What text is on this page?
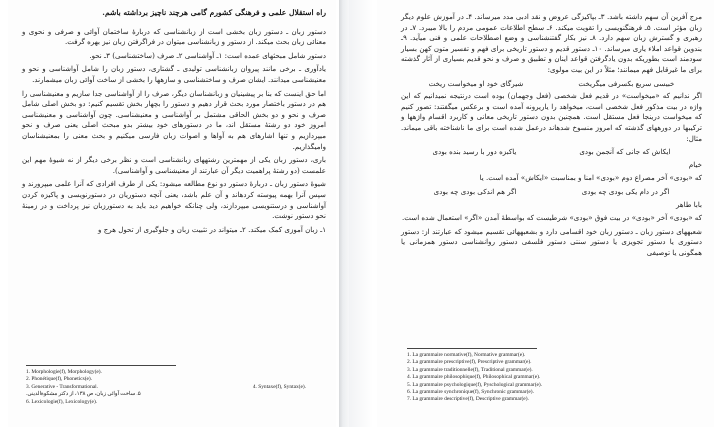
راه استقلال علمی و فرهنگی کشورم گامی هرچند ناچیز برداشته باشم.

دستور زبان ـ دستور زبان بخشی است از زبانشناسی که دربارهٔ ساختمان آوائی و صرفی و نحوی و معنائی زبان بحث میکند. از دستور و زبانشناسی میتوان در فراگرفتن زبان نیز بهره گرفت.

دستور شامل مبحثهای عمده است: ۱ـ آواشناسی ۲ـ صرف (ساختشناسی) ۳ـ نحو.

یادآوری ـ برخی مانند پیروان زبانشناسی تولیدی ـ گشتاری، دستور زبان را شامل آواشناسی و نحو و معنیشناسی میدانند. ایشان صرف و ساختشناسی و سازهها را بخشی از ساخت آوائی زبان میشمارند.

اما حق اینست که بنا بر پیشینیان و زبانشناسان دیگر، صرف را از آواشناسی جدا سازیم و معنیشناسی را هم در دستور باختصار مورد بحث قرار دهیم و دستور را بچهار بخش تقسیم کنیم: دو بخش اصلی شامل صرف و نحو و دو بخش الحاقی مشتمل بر آواشناسی و معنیشناسی. چون آواشناسی و معنیشناسی امروز خود دو رشتهٔ مستقل اند، ما در دستورهای خود بیشتر بدو مبحث اصلی یعنی صرف و نحو میپردازیم و تنها اشارهای هم به آواها و اصوات زبان فارسی میکنیم و بحث معنی را بمعنیشناسان وامیگذاریم.

باری، دستور زبان یکی از مهمترین رشتههای زبانشناسی است و نظر برخی دیگر از نه شیوهٔ مهم این علمست (دو رشتهٔ پراهمیت دیگر آن عبارتند از معنیشناسی و آواشناسی).

شیوهٔ دستور زبان ـ دربارهٔ دستور دو نوع مطالعه میشود: یکی از طرف افرادی که آنرا علمی میپرورند و سپس آنرا بهمه پیوسته کردهاند و آن علم باشد، یعنی آنچه دستوریان در دستورنویسی و پاکیزه کردن آواشناسی و درستنویسی میپردازند، ولی چنانکه خواهیم دید باید به دستورزبان نیز پرداخت و در زمینهٔ نحو دستور نوشت.

۱ـ زبان آموزی کمک میکند. ۲ـ میتواند در تثبیت زبان و جلوگیری از تحول هرج و

1. Morphologie(f), Morphology(e).
2. Phonétique(f), Phonetics(e).
3. Generative - Transformational.	4. Syntaxe(f), Syntax(e).
۵. ساخت آوائی زبان، ص ۱۳۸، از دکتر مشکوةالدینی.
6. Lexicologie(f), Lexicology(e).

مرج آفرین آن سهم داشته باشد. ۳ـ بپاکیزگی عروض و نقد ادبی مدد میرساند. ۴ـ در آموزش علوم دیگر زبان مؤثر است. ۵ـ فرهنگنویسی را تقویت میکند. ۶ـ سطح اطلاعات عمومی مردم را بالا میبرد. ۷ـ در رهبری و گسترش زبان سهم دارد. ۸ـ نیز بکار گفتنشناسی و وضع اصطلاحات علمی و فنی میآید. ۹ـ بندوین قواعد املاء یاری میرساند. ۱۰ـ دستور قدیم و دستور تاریخی برای فهم و تفسیر متون کهن بسیار سودمند است بطوریکه بدون یادگرفتن قواعد اینان و تطبیق و صرف و نحو قدیم بسیاری از آثار گذشته برای ما غیرقابل فهم میمانند؛ مثلاً در این بیت مولوی:

خبیسی سریع بکسرفی میگریخت
شیرگای خود او میخواست ریخت

اگر ندانیم که «میخواست» در قدیم فعل شخصی (فعل وجهمان) بوده است درنتیجه نمیدانیم که این واژه در بیت مذکور فعل شخصی است، میخواهد را یاریرونه آمده است و برعکس میگفتند: تصور کنیم که میخواست درینجا فعل مستقل است. همچنین بدون دستور تاریخی معانی و کاربرد اقسام واژهها و ترکیبها در دورههای گذشته که امروز منسوخ شدهاند درعمل شده است برای ما ناشناخته باقی میماند. مثال:

ایکاش که جانی که آنجمن بودی
یاکبزه دور با رسید بنده بودی

خیام

که «بودی» آخر مصراع دوم «بودی» امنا و بمناسبت «ایکاش» آمده است. یا

اگر در دام یکی بودی چه بودی
اگر هم اندکی بودی چه بودی

بابا طاهر

که «بودی» آخر «بودی» در بیت فوق «بودی» شرطیست که بواسطهٔ آمدن «اگر» استعمال شده است.

شعبههای دستور زبان ـ دستور زبان خود اقسامی دارد و بشعبههائی تقسیم میشود که عبارتند از: دستور دستوری یا دستور تجویزی یا دستور سنتی دستور فلسفی دستور روانشناسی دستور همزمانی یا همگونی یا توصیفی

1. La grammaire normative(f), Normative grammar(e).
2. La grammaire prescriptive(f), Prescriptive grammar(e).
3. La grammaire traditionnelle(f), Traditional grammar(e).
4. La grammaire philosophique(f), Philosophical grammar(e).
5. La grammaire psychologique(f), Pyschological grammar(e).
6. La grammaire synchronique(f), Synchronic grammar(e).
7. La grammaire descriptive(f), Descriptive grammar(e).
